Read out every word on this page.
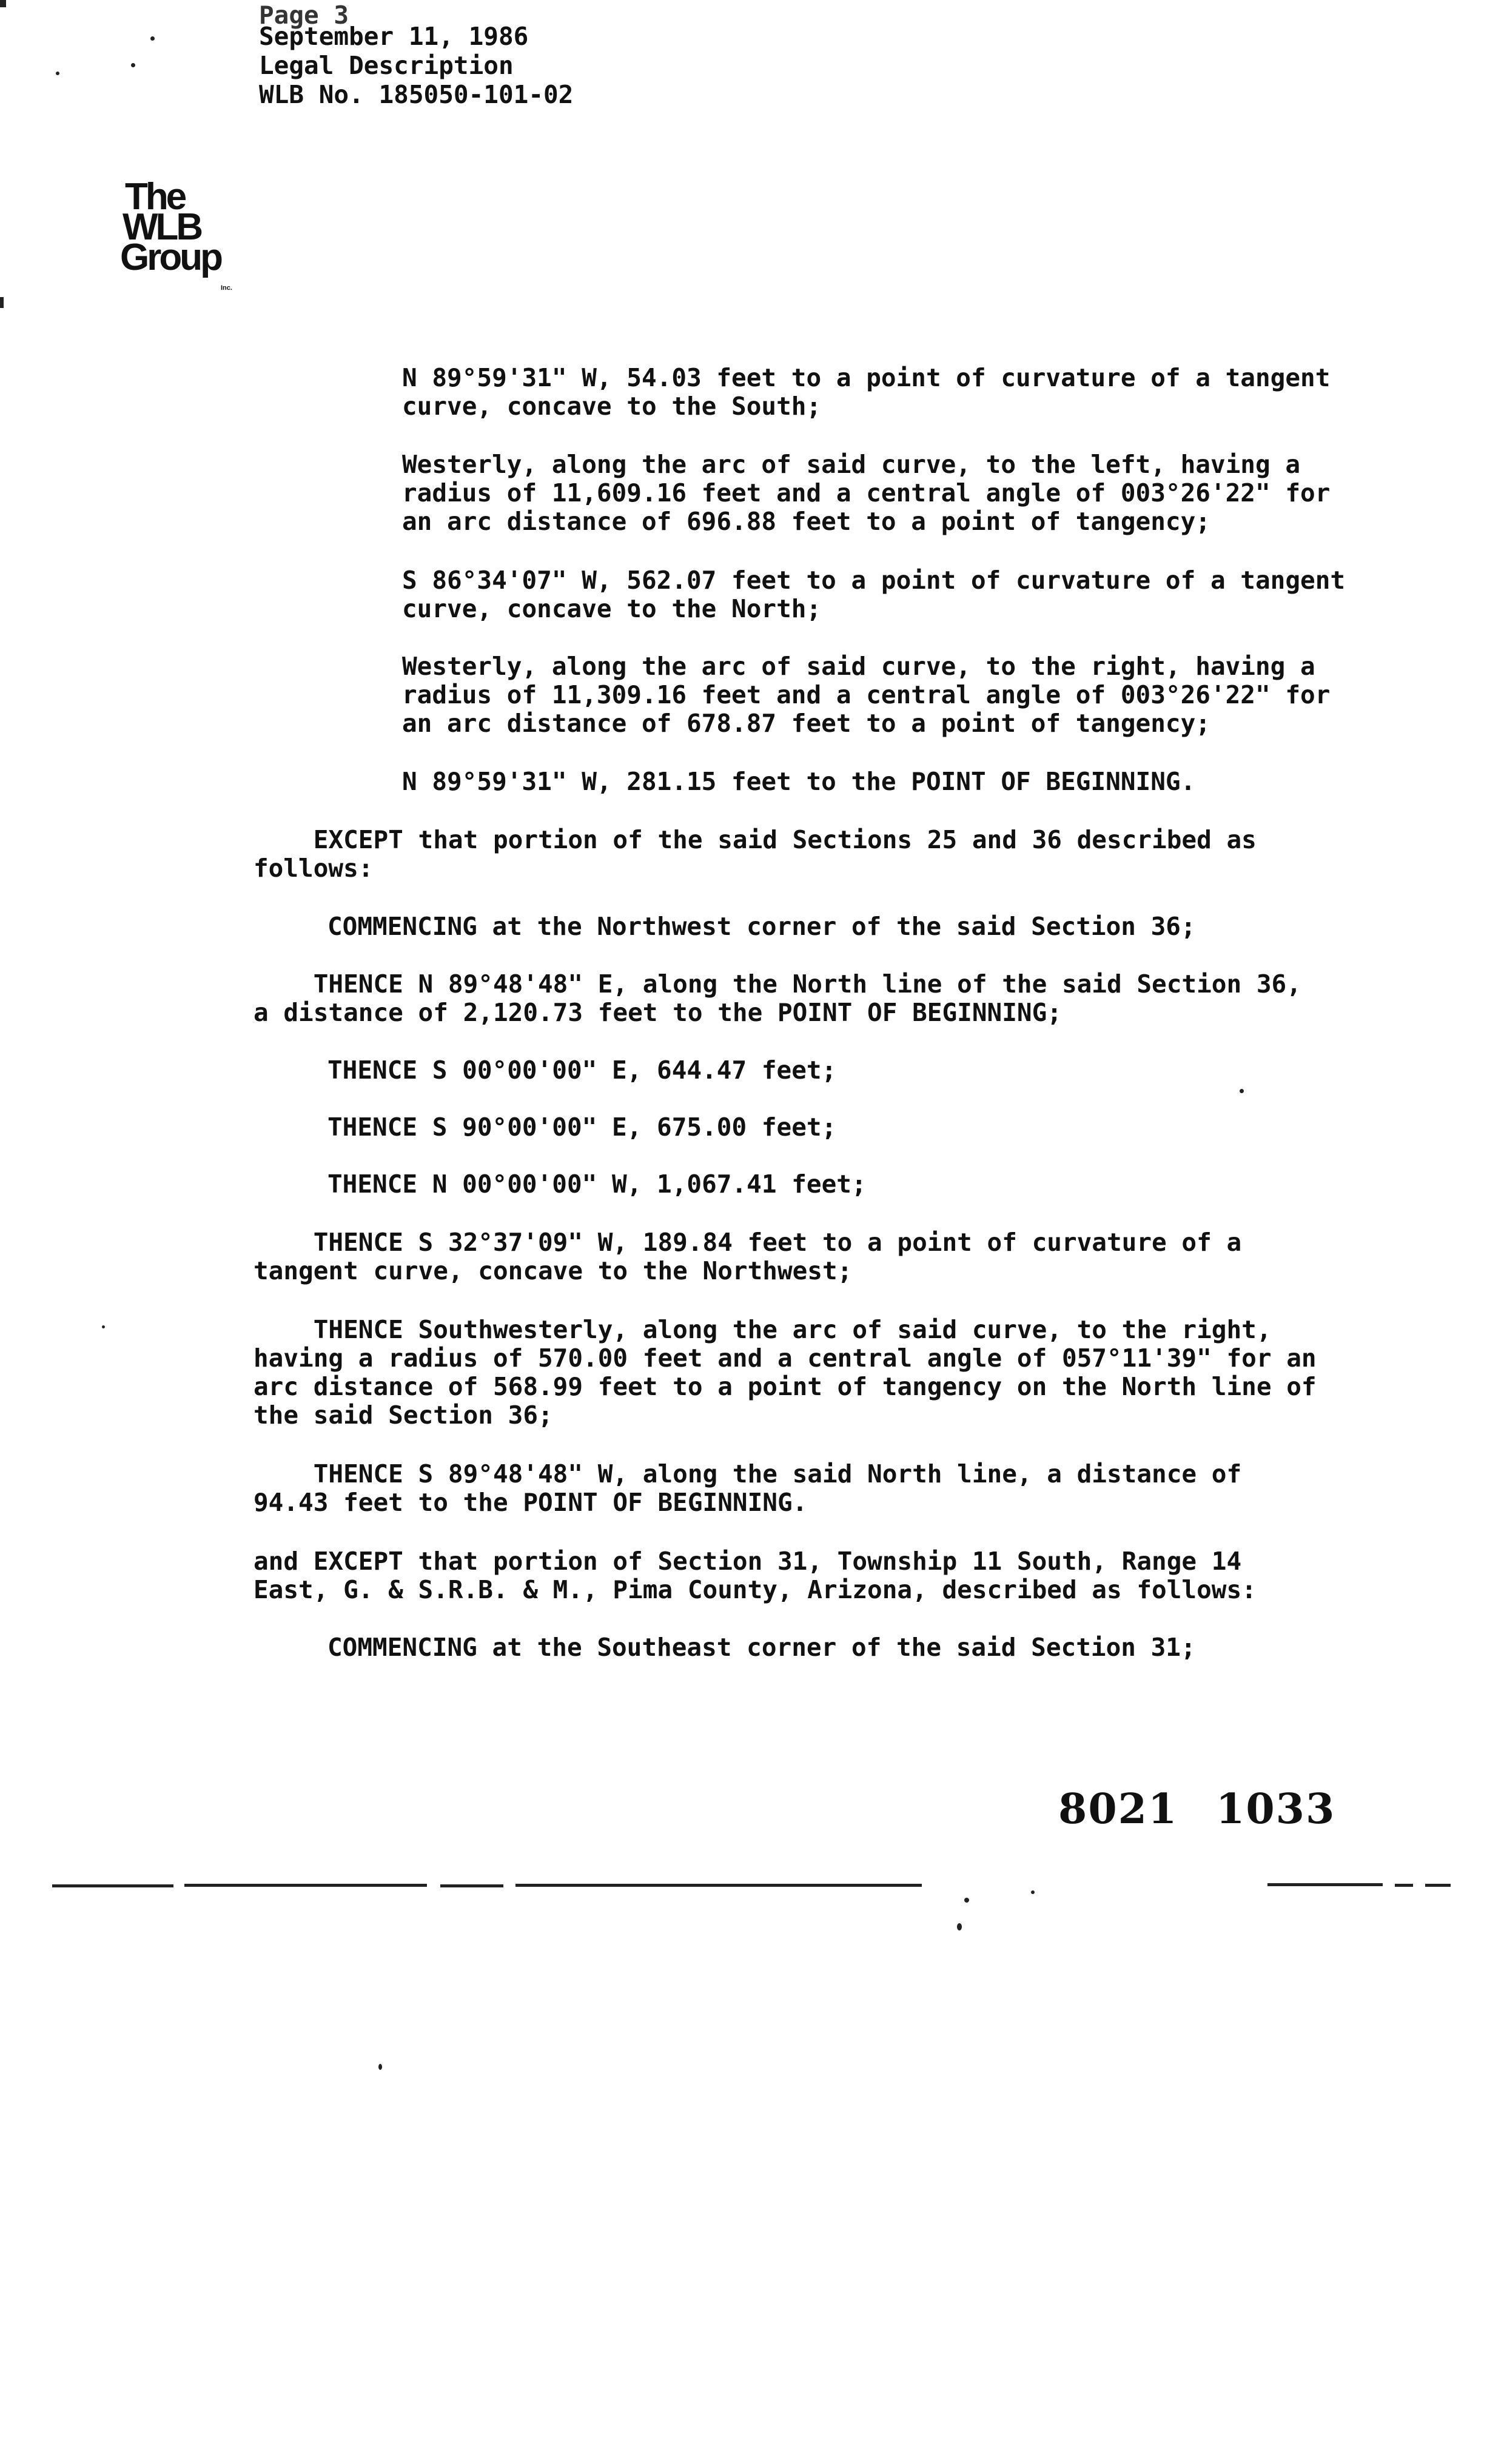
Page 3
September 11, 1986
Legal Description
WLB No. 185050-101-02
The
WLB
Group
Inc.
N 89°59'31" W, 54.03 feet to a point of curvature of a tangent
curve, concave to the South;
Westerly, along the arc of said curve, to the left, having a
radius of 11,609.16 feet and a central angle of 003°26'22" for
an arc distance of 696.88 feet to a point of tangency;
S 86°34'07" W, 562.07 feet to a point of curvature of a tangent
curve, concave to the North;
Westerly, along the arc of said curve, to the right, having a
radius of 11,309.16 feet and a central angle of 003°26'22" for
an arc distance of 678.87 feet to a point of tangency;
N 89°59'31" W, 281.15 feet to the POINT OF BEGINNING.
EXCEPT that portion of the said Sections 25 and 36 described as
follows:
COMMENCING at the Northwest corner of the said Section 36;
THENCE N 89°48'48" E, along the North line of the said Section 36,
a distance of 2,120.73 feet to the POINT OF BEGINNING;
THENCE S 00°00'00" E, 644.47 feet;
THENCE S 90°00'00" E, 675.00 feet;
THENCE N 00°00'00" W, 1,067.41 feet;
THENCE S 32°37'09" W, 189.84 feet to a point of curvature of a
tangent curve, concave to the Northwest;
THENCE Southwesterly, along the arc of said curve, to the right,
having a radius of 570.00 feet and a central angle of 057°11'39" for an
arc distance of 568.99 feet to a point of tangency on the North line of
the said Section 36;
THENCE S 89°48'48" W, along the said North line, a distance of
94.43 feet to the POINT OF BEGINNING.
and EXCEPT that portion of Section 31, Township 11 South, Range 14
East, G. & S.R.B. & M., Pima County, Arizona, described as follows:
COMMENCING at the Southeast corner of the said Section 31;
8021 1033
